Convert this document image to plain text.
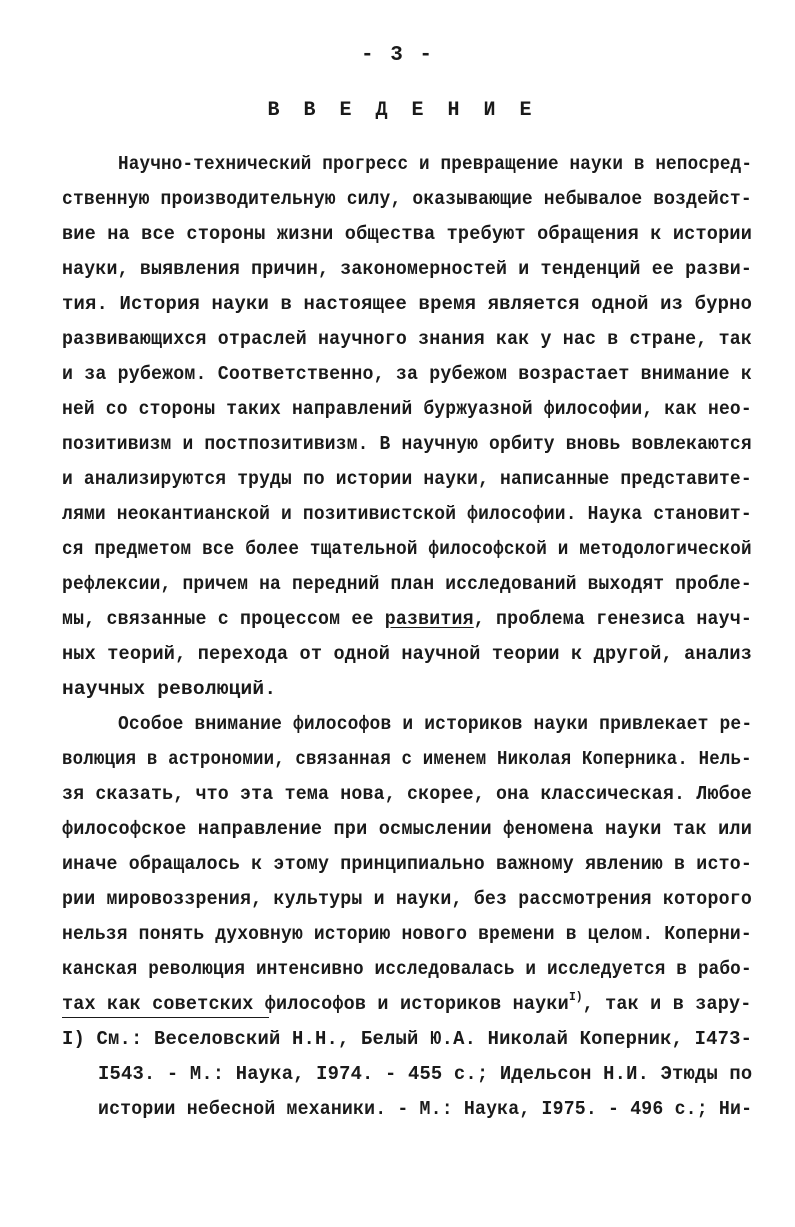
- 3 -
В В Е Д Е Н И Е
Научно-технический прогресс и превращение науки в непосред-
ственную производительную силу, оказывающие небывалое воздейст-
вие на все стороны жизни общества требуют обращения к истории
науки, выявления причин, закономерностей и тенденций ее разви-
тия. История науки в настоящее время является одной из бурно
развивающихся отраслей научного знания как у нас в стране, так
и за рубежом. Соответственно, за рубежом возрастает внимание к
ней со стороны таких направлений буржуазной философии, как нео-
позитивизм и постпозитивизм. В научную орбиту вновь вовлекаются
и анализируются труды по истории науки, написанные представите-
лями неокантианской и позитивистской философии. Наука становит-
ся предметом все более тщательной философской и методологической
рефлексии, причем на передний план исследований выходят пробле-
мы, связанные с процессом ее развития, проблема генезиса науч-
ных теорий, перехода от одной научной теории к другой, анализ
научных революций.
Особое внимание философов и историков науки привлекает ре-
волюция в астрономии, связанная с именем Николая Коперника. Нель-
зя сказать, что эта тема нова, скорее, она классическая. Любое
философское направление при осмыслении феномена науки так или
иначе обращалось к этому принципиально важному явлению в исто-
рии мировоззрения, культуры и науки, без рассмотрения которого
нельзя понять духовную историю нового времени в целом. Коперни-
канская революция интенсивно исследовалась и исследуется в рабо-
тах как советских философов и историков науки$^{I)}$, так и в зару-
I) См.: Веселовский Н.Н., Белый Ю.А. Николай Коперник, I473-
I543. - М.: Наука, I974. - 455 с.; Идельсон Н.И. Этюды по
истории небесной механики. - М.: Наука, I975. - 496 с.; Ни-
